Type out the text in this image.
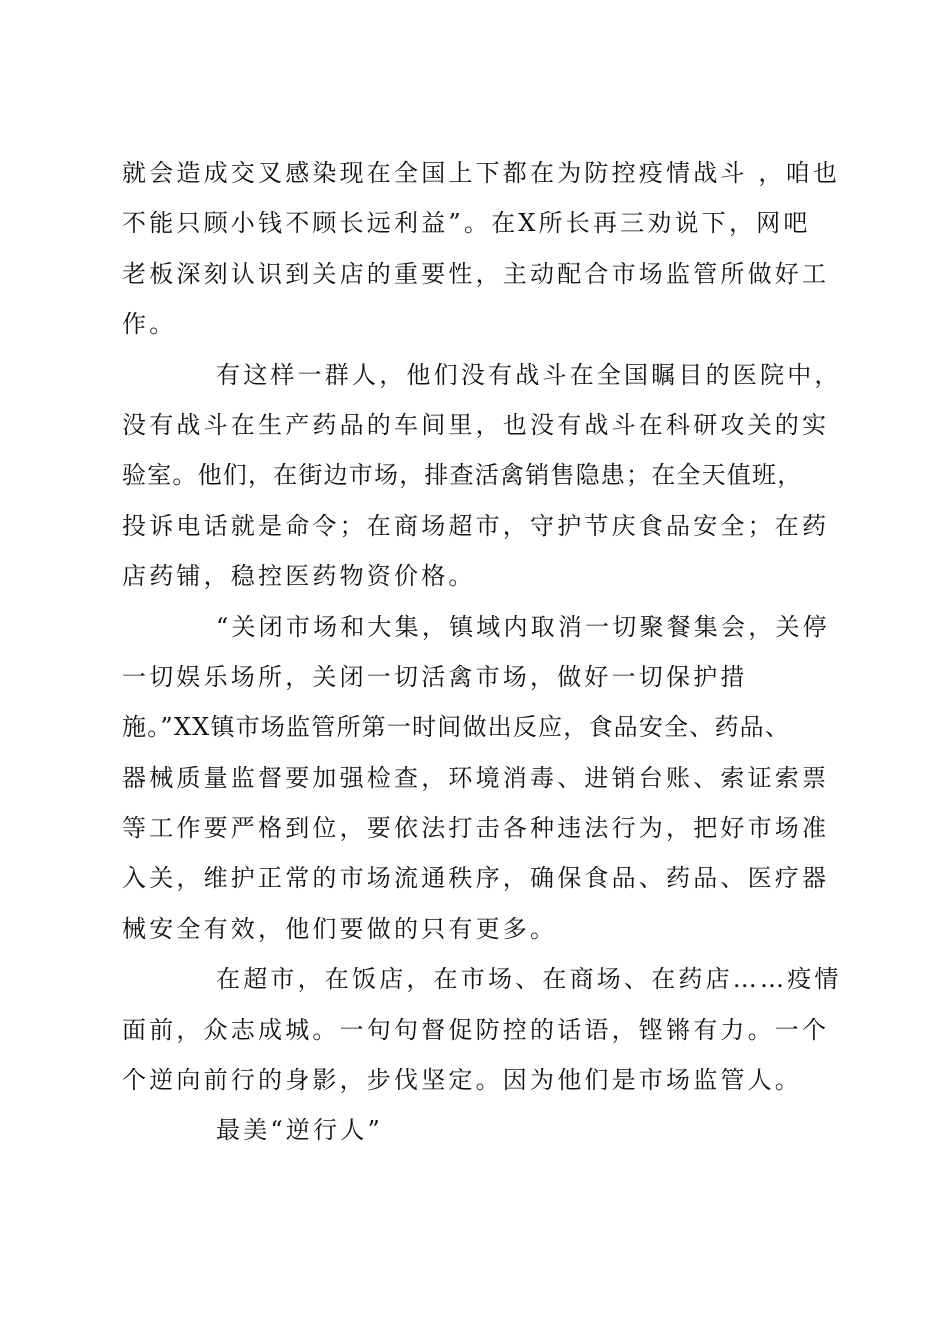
就会造成交叉感染现在全国上下都在为防控疫情战斗 ，咱也
不能只顾小钱不顾长远利益”。在X所长再三劝说下，网吧
老板深刻认识到关店的重要性，主动配合市场监管所做好工
作。
有这样一群人，他们没有战斗在全国瞩目的医院中，
没有战斗在生产药品的车间里，也没有战斗在科研攻关的实
验室。他们，在街边市场，排查活禽销售隐患；在全天值班，
投诉电话就是命令；在商场超市，守护节庆食品安全；在药
店药铺，稳控医药物资价格。
“关闭市场和大集，镇域内取消一切聚餐集会，关停
一切娱乐场所，关闭一切活禽市场，做好一切保护措
施。”XX镇市场监管所第一时间做出反应，食品安全、药品、
器械质量监督要加强检查，环境消毒、进销台账、索证索票
等工作要严格到位，要依法打击各种违法行为，把好市场准
入关，维护正常的市场流通秩序，确保食品、药品、医疗器
械安全有效，他们要做的只有更多。
在超市，在饭店，在市场、在商场、在药店……疫情
面前，众志成城。一句句督促防控的话语，铿锵有力。一个
个逆向前行的身影，步伐坚定。因为他们是市场监管人。
最美“逆行人”
